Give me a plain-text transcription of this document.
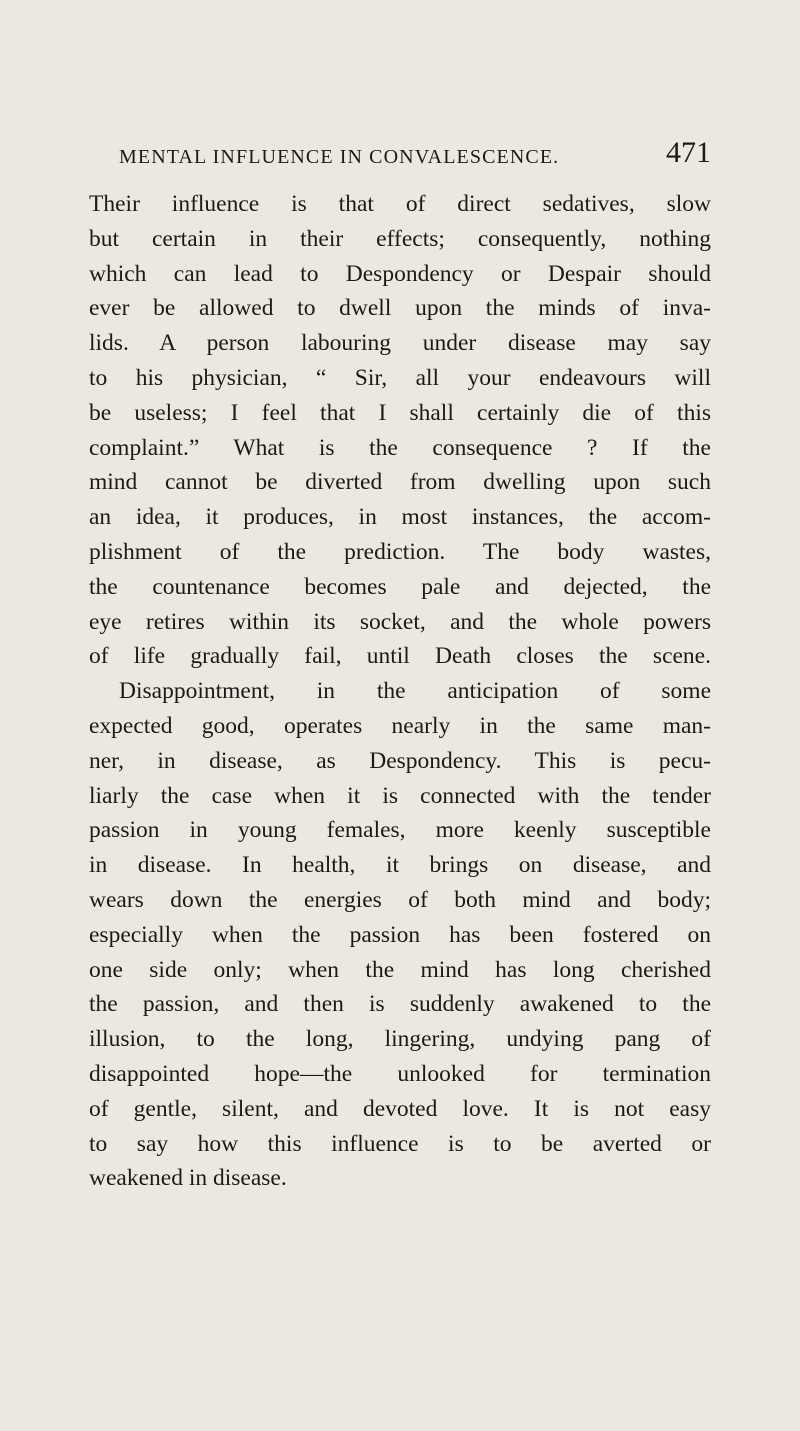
MENTAL INFLUENCE IN CONVALESCENCE.	471
Their influence is that of direct sedatives, slow
but certain in their effects; consequently, nothing
which can lead to Despondency or Despair should
ever be allowed to dwell upon the minds of inva-
lids. A person labouring under disease may say
to his physician, “ Sir, all your endeavours will
be useless; I feel that I shall certainly die of this
complaint.” What is the consequence ? If the
mind cannot be diverted from dwelling upon such
an idea, it produces, in most instances, the accom-
plishment of the prediction. The body wastes,
the countenance becomes pale and dejected, the
eye retires within its socket, and the whole powers
of life gradually fail, until Death closes the scene.
Disappointment, in the anticipation of some
expected good, operates nearly in the same man-
ner, in disease, as Despondency. This is pecu-
liarly the case when it is connected with the tender
passion in young females, more keenly susceptible
in disease. In health, it brings on disease, and
wears down the energies of both mind and body;
especially when the passion has been fostered on
one side only; when the mind has long cherished
the passion, and then is suddenly awakened to the
illusion, to the long, lingering, undying pang of
disappointed hope—the unlooked for termination
of gentle, silent, and devoted love. It is not easy
to say how this influence is to be averted or
weakened in disease.
